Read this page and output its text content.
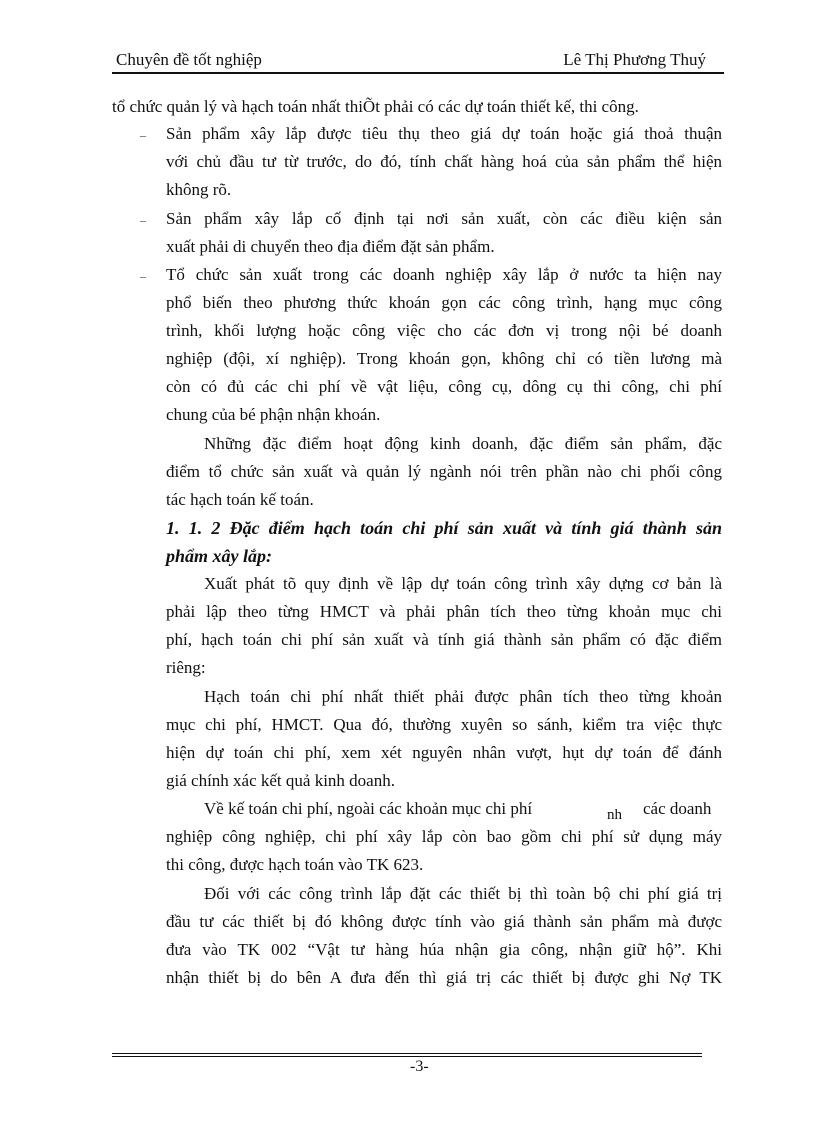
Chuyên đề tốt nghiệp	Lê Thị Phương Thuý
tổ chức quản lý và hạch toán nhất thiÕt phải có các dự toán thiết kế, thi công.
– Sản phẩm xây lắp được tiêu thụ theo giá dự toán hoặc giá thoả thuận
với chủ đầu tư từ trước, do đó, tính chất hàng hoá của sản phẩm thể hiện
không rõ.
– Sản phẩm xây lắp cố định tại nơi sản xuất, còn các điều kiện sản
xuất phải di chuyển theo địa điểm đặt sản phẩm.
– Tổ chức sản xuất trong các doanh nghiệp xây lắp ở nước ta hiện nay
phổ biến theo phương thức khoán gọn các công trình, hạng mục công
trình, khối lượng hoặc công việc cho các đơn vị trong nội bé doanh
nghiệp (đội, xí nghiệp). Trong khoán gọn, không chỉ có tiền lương mà
còn có đủ các chi phí về vật liệu, công cụ, dông cụ thi công, chi phí
chung của bé phận nhận khoán.
Những đặc điểm hoạt động kinh doanh, đặc điểm sản phẩm, đặc
điểm tổ chức sản xuất và quản lý ngành nói trên phần nào chi phối công
tác hạch toán kế toán.
1. 1. 2 Đặc điểm hạch toán chi phí sản xuất và tính giá thành sản
phẩm xây lắp:
Xuất phát tõ quy định về lập dự toán công trình xây dựng cơ bản là
phải lập theo từng HMCT và phải phân tích theo từng khoản mục chi
phí, hạch toán chi phí sản xuất và tính giá thành sản phẩm có đặc điểm
riêng:
Hạch toán chi phí nhất thiết phải được phân tích theo từng khoản
mục chi phí, HMCT. Qua đó, thường xuyên so sánh, kiểm tra việc thực
hiện dự toán chi phí, xem xét nguyên nhân vượt, hụt dự toán để đánh
giá chính xác kết quả kinh doanh.
Về kế toán chi phí, ngoài các khoản mục chi phí	nh các doanh
nghiệp công nghiệp, chi phí xây lắp còn bao gồm chi phí sử dụng máy
thi công, được hạch toán vào TK 623.
Đối với các công trình lắp đặt các thiết bị thì toàn bộ chi phí giá trị
đầu tư các thiết bị đó không được tính vào giá thành sản phẩm mà được
đưa vào TK 002 “Vật tư hàng húa nhận gia công, nhận giữ hộ”. Khi
nhận thiết bị do bên A đưa đến thì giá trị các thiết bị được ghi Nợ TK
-3-
